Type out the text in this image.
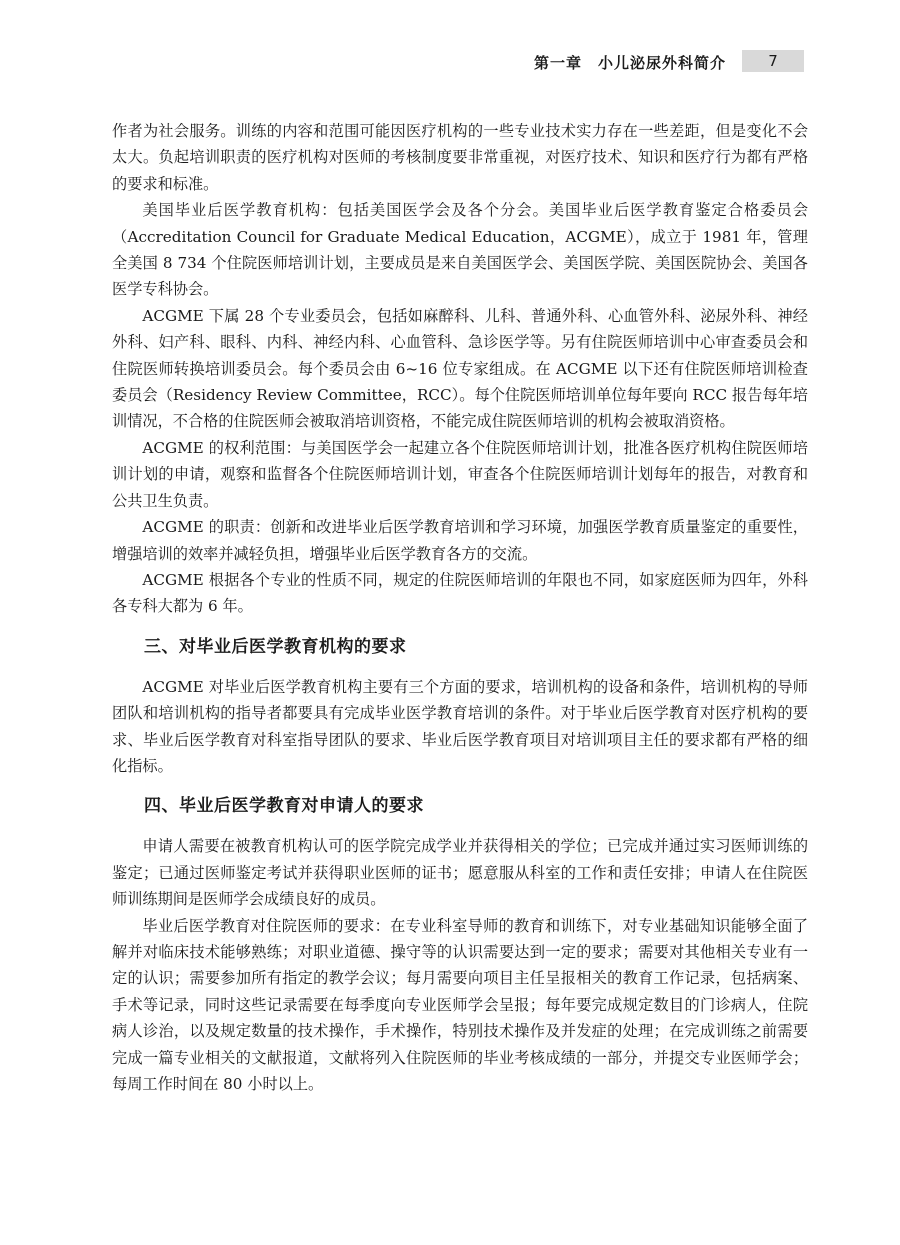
第一章　小儿泌尿外科简介	7

作者为社会服务。训练的内容和范围可能因医疗机构的一些专业技术实力存在一些差距，但是变化不会太大。负起培训职责的医疗机构对医师的考核制度要非常重视，对医疗技术、知识和医疗行为都有严格的要求和标准。

美国毕业后医学教育机构：包括美国医学会及各个分会。美国毕业后医学教育鉴定合格委员会（Accreditation Council for Graduate Medical Education，ACGME），成立于 1981 年，管理全美国 8 734 个住院医师培训计划，主要成员是来自美国医学会、美国医学院、美国医院协会、美国各医学专科协会。

ACGME 下属 28 个专业委员会，包括如麻醉科、儿科、普通外科、心血管外科、泌尿外科、神经外科、妇产科、眼科、内科、神经内科、心血管科、急诊医学等。另有住院医师培训中心审查委员会和住院医师转换培训委员会。每个委员会由 6~16 位专家组成。在 ACGME 以下还有住院医师培训检查委员会（Residency Review Committee，RCC）。每个住院医师培训单位每年要向 RCC 报告每年培训情况，不合格的住院医师会被取消培训资格，不能完成住院医师培训的机构会被取消资格。

ACGME 的权利范围：与美国医学会一起建立各个住院医师培训计划，批准各医疗机构住院医师培训计划的申请，观察和监督各个住院医师培训计划，审查各个住院医师培训计划每年的报告，对教育和公共卫生负责。

ACGME 的职责：创新和改进毕业后医学教育培训和学习环境，加强医学教育质量鉴定的重要性，增强培训的效率并减轻负担，增强毕业后医学教育各方的交流。

ACGME 根据各个专业的性质不同，规定的住院医师培训的年限也不同，如家庭医师为四年，外科各专科大都为 6 年。

三、对毕业后医学教育机构的要求

ACGME 对毕业后医学教育机构主要有三个方面的要求，培训机构的设备和条件，培训机构的导师团队和培训机构的指导者都要具有完成毕业医学教育培训的条件。对于毕业后医学教育对医疗机构的要求、毕业后医学教育对科室指导团队的要求、毕业后医学教育项目对培训项目主任的要求都有严格的细化指标。

四、毕业后医学教育对申请人的要求

申请人需要在被教育机构认可的医学院完成学业并获得相关的学位；已完成并通过实习医师训练的鉴定；已通过医师鉴定考试并获得职业医师的证书；愿意服从科室的工作和责任安排；申请人在住院医师训练期间是医师学会成绩良好的成员。

毕业后医学教育对住院医师的要求：在专业科室导师的教育和训练下，对专业基础知识能够全面了解并对临床技术能够熟练；对职业道德、操守等的认识需要达到一定的要求；需要对其他相关专业有一定的认识；需要参加所有指定的教学会议；每月需要向项目主任呈报相关的教育工作记录，包括病案、手术等记录，同时这些记录需要在每季度向专业医师学会呈报；每年要完成规定数目的门诊病人，住院病人诊治，以及规定数量的技术操作，手术操作，特别技术操作及并发症的处理；在完成训练之前需要完成一篇专业相关的文献报道，文献将列入住院医师的毕业考核成绩的一部分，并提交专业医师学会；每周工作时间在 80 小时以上。
